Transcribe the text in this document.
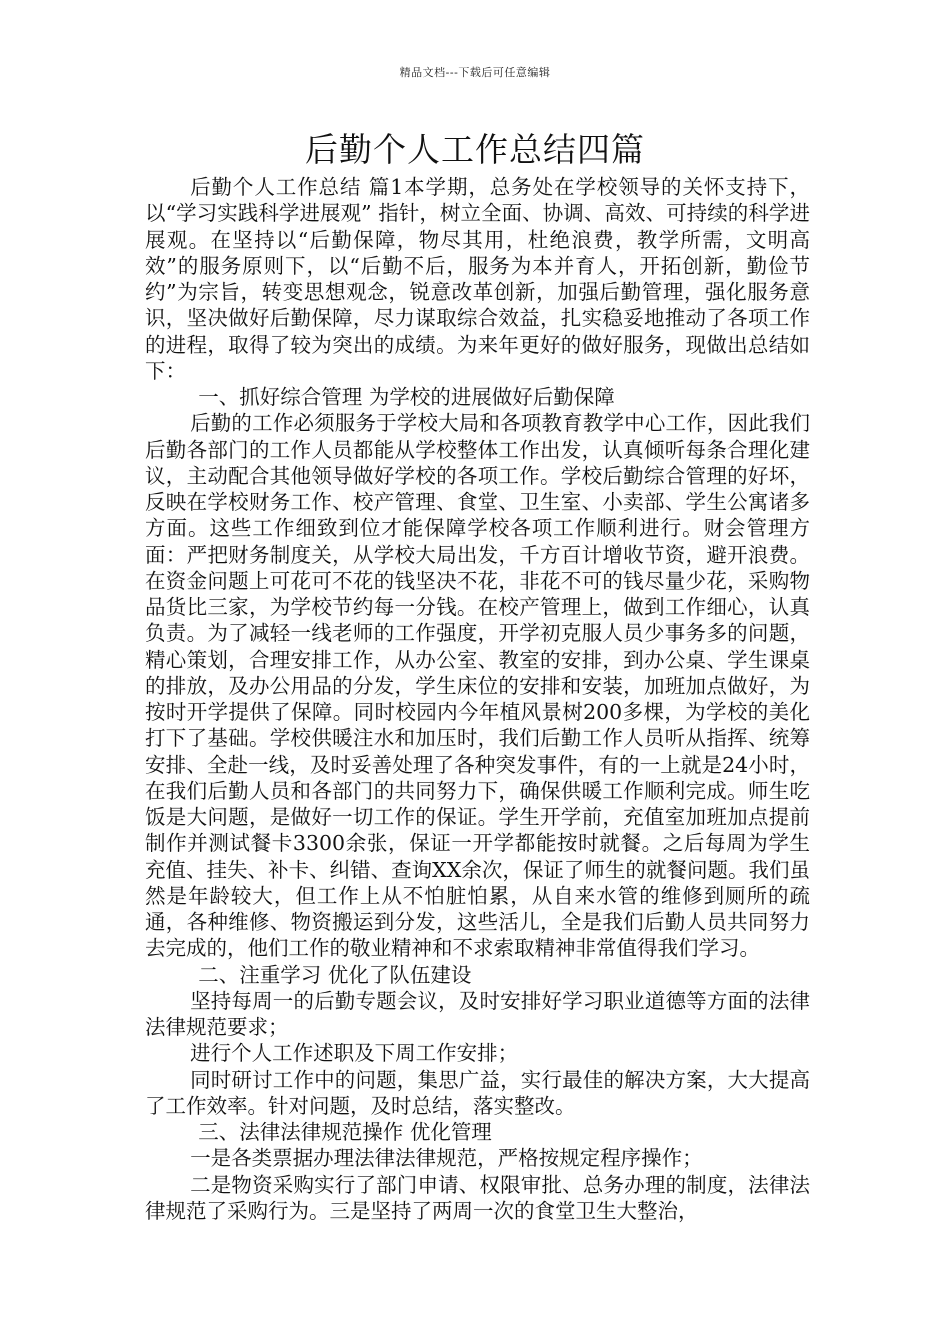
精品文档---下载后可任意编辑
后勤个人工作总结四篇

后勤个人工作总结 篇1本学期，总务处在学校领导的关怀支持下，以“学习实践科学进展观” 指针，树立全面、协调、高效、可持续的科学进展观。在坚持以“后勤保障，物尽其用，杜绝浪费，教学所需，文明高效”的服务原则下，以“后勤不后，服务为本并育人，开拓创新，勤俭节约”为宗旨，转变思想观念，锐意改革创新，加强后勤管理，强化服务意识，坚决做好后勤保障，尽力谋取综合效益，扎实稳妥地推动了各项工作的进程，取得了较为突出的成绩。为来年更好的做好服务，现做出总结如下：

一、抓好综合管理 为学校的进展做好后勤保障

后勤的工作必须服务于学校大局和各项教育教学中心工作，因此我们后勤各部门的工作人员都能从学校整体工作出发，认真倾听每条合理化建议，主动配合其他领导做好学校的各项工作。学校后勤综合管理的好坏，反映在学校财务工作、校产管理、食堂、卫生室、小卖部、学生公寓诸多方面。这些工作细致到位才能保障学校各项工作顺利进行。财会管理方面：严把财务制度关，从学校大局出发，千方百计增收节资，避开浪费。在资金问题上可花可不花的钱坚决不花，非花不可的钱尽量少花，采购物品货比三家，为学校节约每一分钱。在校产管理上，做到工作细心，认真负责。为了减轻一线老师的工作强度，开学初克服人员少事务多的问题，精心策划，合理安排工作，从办公室、教室的安排，到办公桌、学生课桌的排放，及办公用品的分发，学生床位的安排和安装，加班加点做好，为按时开学提供了保障。同时校园内今年植风景树200多棵，为学校的美化打下了基础。学校供暖注水和加压时，我们后勤工作人员听从指挥、统筹安排、全赴一线，及时妥善处理了各种突发事件，有的一上就是24小时，在我们后勤人员和各部门的共同努力下，确保供暖工作顺利完成。师生吃饭是大问题，是做好一切工作的保证。学生开学前，充值室加班加点提前制作并测试餐卡3300余张，保证一开学都能按时就餐。之后每周为学生充值、挂失、补卡、纠错、查询XX余次，保证了师生的就餐问题。我们虽然是年龄较大，但工作上从不怕脏怕累，从自来水管的维修到厕所的疏通，各种维修、物资搬运到分发，这些活儿，全是我们后勤人员共同努力去完成的，他们工作的敬业精神和不求索取精神非常值得我们学习。

二、注重学习 优化了队伍建设

坚持每周一的后勤专题会议，及时安排好学习职业道德等方面的法律法律规范要求；

进行个人工作述职及下周工作安排；

同时研讨工作中的问题，集思广益，实行最佳的解决方案，大大提高了工作效率。针对问题，及时总结，落实整改。

三、法律法律规范操作 优化管理

一是各类票据办理法律法律规范，严格按规定程序操作；

二是物资采购实行了部门申请、权限审批、总务办理的制度，法律法律规范了采购行为。三是坚持了两周一次的食堂卫生大整治，
